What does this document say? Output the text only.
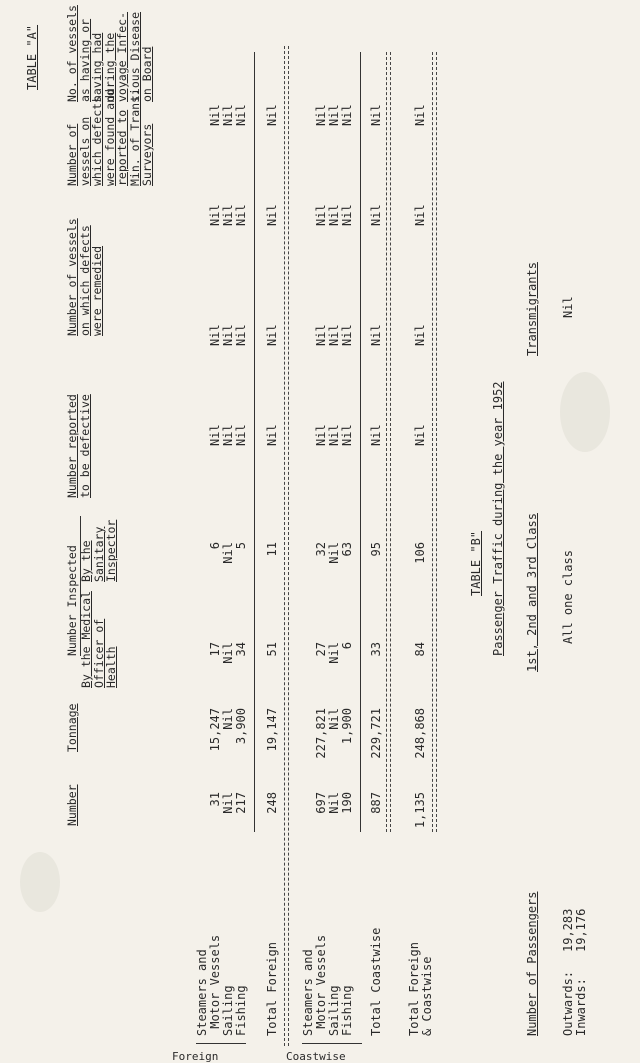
TABLE "A"
Number
Tonnage
Number Inspected
By the Medical
Officer of
Health
By the
Sanitary
Inspector
Number reported
to be defective
Number of vessels
on which defects
were remedied
Number of
vessels on
which defects
were found and
reported to
Min. of Trans.
Surveyors
No. of vessels
as having or
having had
during the
voyage Infec-
tious Disease
on Board
Foreign	Coastwise
Steamers and
Motor Vessels
31
15,247
17
6
Nil
Nil
Nil
Nil
Sailing
Nil
Nil
Nil
Nil
Nil
Nil
Nil
Nil
Fishing
217
3,900
34
5
Nil
Nil
Nil
Nil
Total Foreign
248
19,147
51
11
Nil
Nil
Nil
Nil
Steamers and
Motor Vessels
697
227,821
27
32
Nil
Nil
Nil
Nil
Sailing
Nil
Nil
Nil
Nil
Nil
Nil
Nil
Nil
Fishing
190
1,900
6
63
Nil
Nil
Nil
Nil
Total Coastwise
887
229,721
33
95
Nil
Nil
Nil
Nil
Total Foreign
& Coastwise
1,135
248,868
84
106
Nil
Nil
Nil
Nil
TABLE "B" Passenger Traffic during the year 1952
Number of Passengers
1st, 2nd and 3rd Class
Transmigrants
Outwards:
19,283
Inwards:
19,176
All one class
Nil
